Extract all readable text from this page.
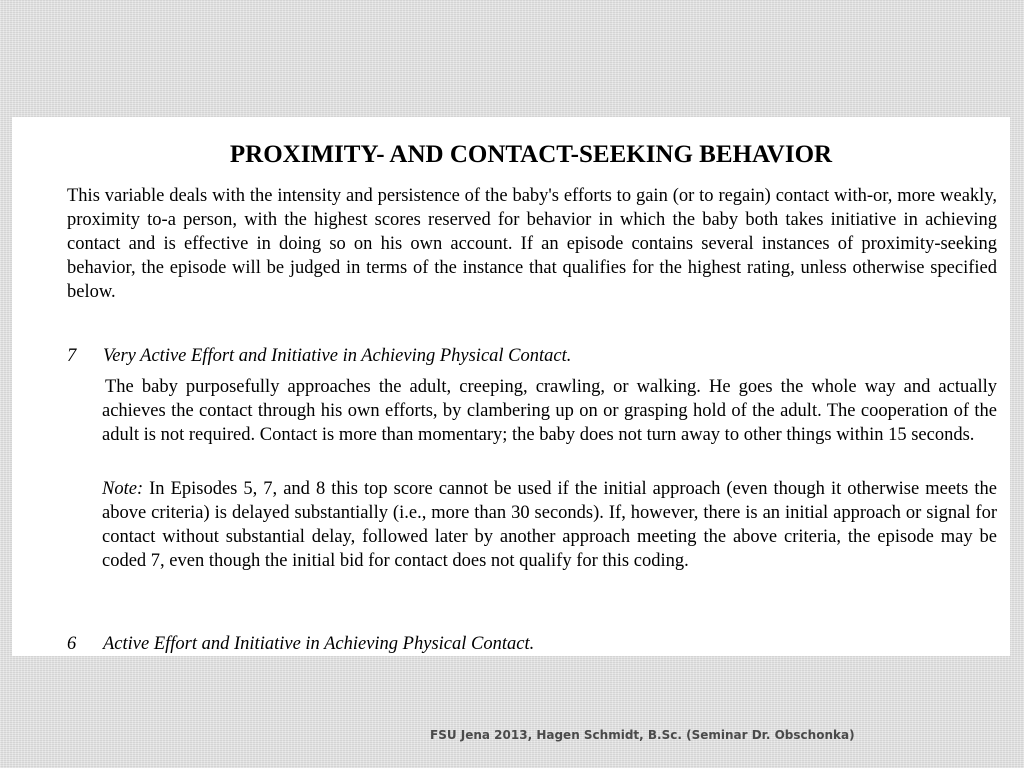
PROXIMITY- AND CONTACT-SEEKING BEHAVIOR

This variable deals with the intensity and persistence of the baby's efforts to gain (or to regain) contact with-or, more weakly, proximity to-a person, with the highest scores reserved for behavior in which the baby both takes initiative in achieving contact and is effective in doing so on his own account. If an episode contains several instances of proximity-seeking behavior, the episode will be judged in terms of the instance that qualifies for the highest rating, unless otherwise specified below.

7 Very Active Effort and Initiative in Achieving Physical Contact.

The baby purposefully approaches the adult, creeping, crawling, or walking. He goes the whole way and actually achieves the contact through his own efforts, by clambering up on or grasping hold of the adult. The cooperation of the adult is not required. Contact is more than momentary; the baby does not turn away to other things within 15 seconds.

Note: In Episodes 5, 7, and 8 this top score cannot be used if the initial approach (even though it otherwise meets the above criteria) is delayed substantially (i.e., more than 30 seconds). If, however, there is an initial approach or signal for contact without substantial delay, followed later by another approach meeting the above criteria, the episode may be coded 7, even though the initial bid for contact does not qualify for this coding.

6 Active Effort and Initiative in Achieving Physical Contact.

FSU Jena 2013, Hagen Schmidt, B.Sc. (Seminar Dr. Obschonka)
